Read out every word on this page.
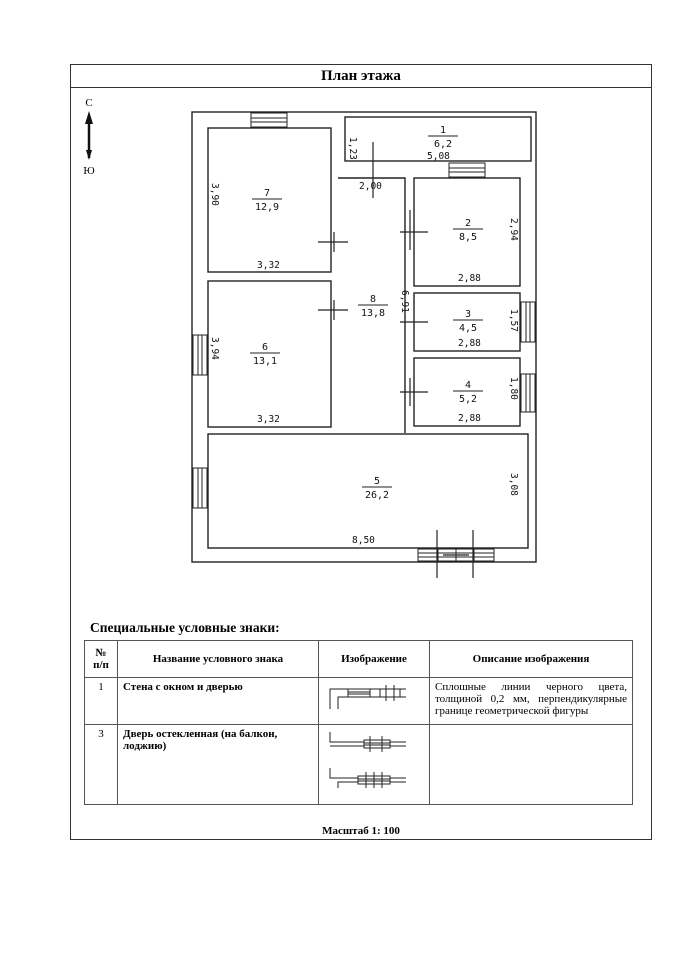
План этажа
Масштаб 1: 100
С
Ю
1
6,2
2
8,5
3
4,5
4
5,2
5
26,2
6
13,1
7
12,9
8
13,8
1,23	5,08
2,00
3,90
3,32
2,94
2,88
6,91
1,57
2,88
3,94
3,32
1,80
2,88
3,08
8,50
Специальные условные знаки:
№ п/п	Название условного знака	Изображение	Описание изображения
1	Стена с окном и дверью		Сплошные линии черного цвета, толщиной 0,2 мм, перпендикулярные границе геометрической фигуры
3	Дверь остекленная (на балкон, лоджию)		
